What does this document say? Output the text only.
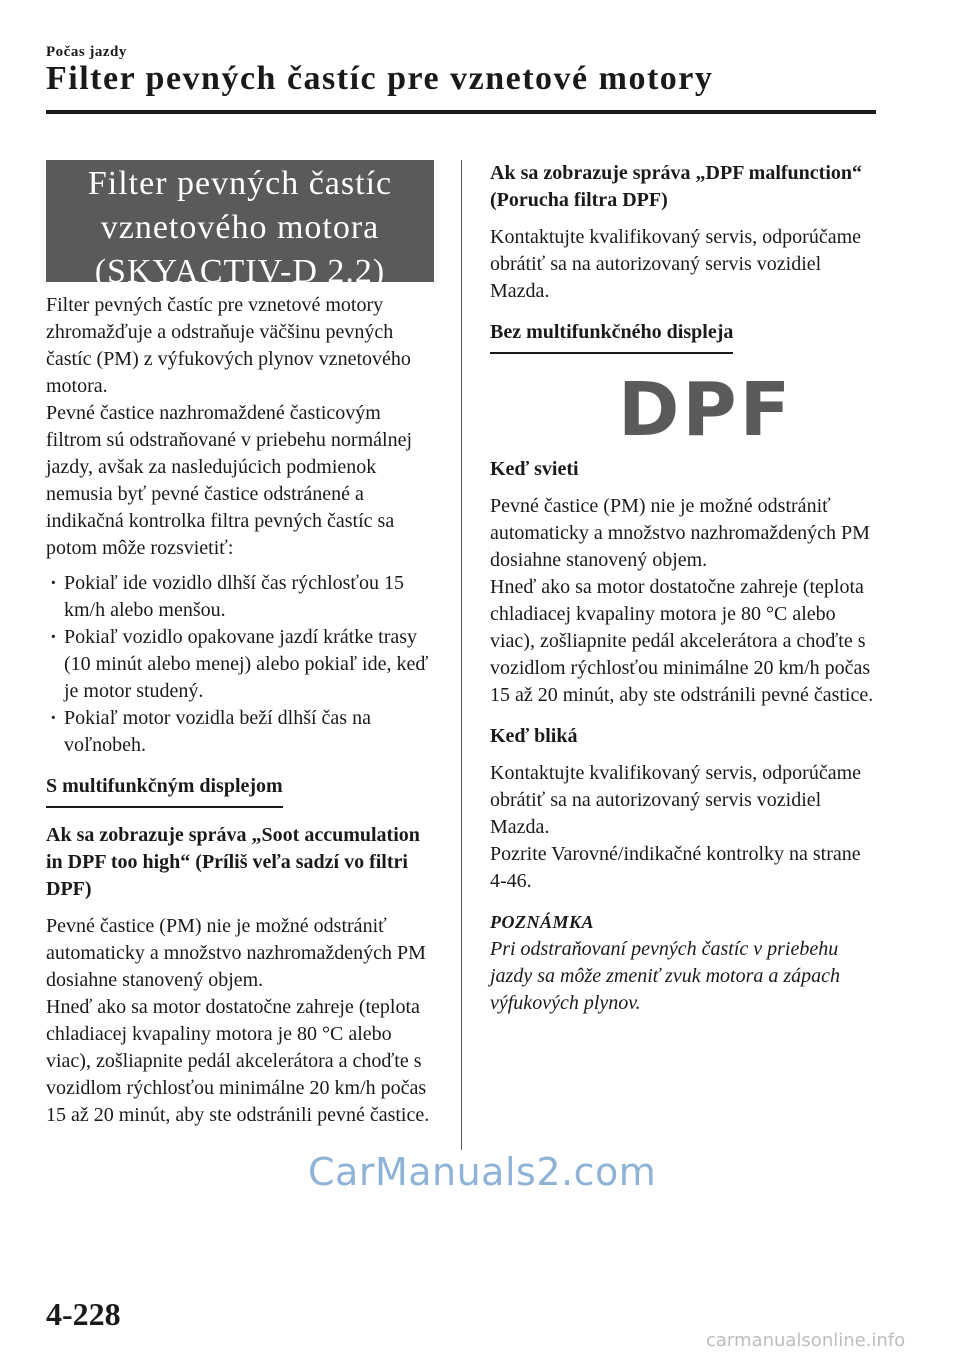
Počas jazdy
Filter pevných častíc pre vznetové motory
Filter pevných častíc
vznetového motora
(SKYACTIV-D 2.2)

Filter pevných častíc pre vznetové motory zhromažďuje a odstraňuje väčšinu pevných častíc (PM) z výfukových plynov vznetového motora.

Pevné častice nazhromaždené časticovým filtrom sú odstraňované v priebehu normálnej jazdy, avšak za nasledujúcich podmienok nemusia byť pevné častice odstránené a indikačná kontrolka filtra pevných častíc sa potom môže rozsvietiť:

· Pokiaľ ide vozidlo dlhší čas rýchlosťou 15 km/h alebo menšou.
· Pokiaľ vozidlo opakovane jazdí krátke trasy (10 minút alebo menej) alebo pokiaľ ide, keď je motor studený.
· Pokiaľ motor vozidla beží dlhší čas na voľnobeh.
S multifunkčným displejom

Ak sa zobrazuje správa „Soot accumulation in DPF too high“ (Príliš veľa sadzí vo filtri DPF)

Pevné častice (PM) nie je možné odstrániť automaticky a množstvo nazhromaždených PM dosiahne stanovený objem.

Hneď ako sa motor dostatočne zahreje (teplota chladiacej kvapaliny motora je 80 °C alebo viac), zošliapnite pedál akcelerátora a choďte s vozidlom rýchlosťou minimálne 20 km/h počas 15 až 20 minút, aby ste odstránili pevné častice.

Ak sa zobrazuje správa „DPF malfunction“ (Porucha filtra DPF)

Kontaktujte kvalifikovaný servis, odporúčame obrátiť sa na autorizovaný servis vozidiel Mazda.

Bez multifunkčného displeja
DPF

Keď svieti

Pevné častice (PM) nie je možné odstrániť automaticky a množstvo nazhromaždených PM dosiahne stanovený objem.

Hneď ako sa motor dostatočne zahreje (teplota chladiacej kvapaliny motora je 80 °C alebo viac), zošliapnite pedál akcelerátora a choďte s vozidlom rýchlosťou minimálne 20 km/h počas 15 až 20 minút, aby ste odstránili pevné častice.

Keď bliká

Kontaktujte kvalifikovaný servis, odporúčame obrátiť sa na autorizovaný servis vozidiel Mazda.

Pozrite Varovné/indikačné kontrolky na strane 4-46.

POZNÁMKA

Pri odstraňovaní pevných častíc v priebehu jazdy sa môže zmeniť zvuk motora a zápach výfukových plynov.

4-228
CarManuals2.com
carmanualsonline.info
